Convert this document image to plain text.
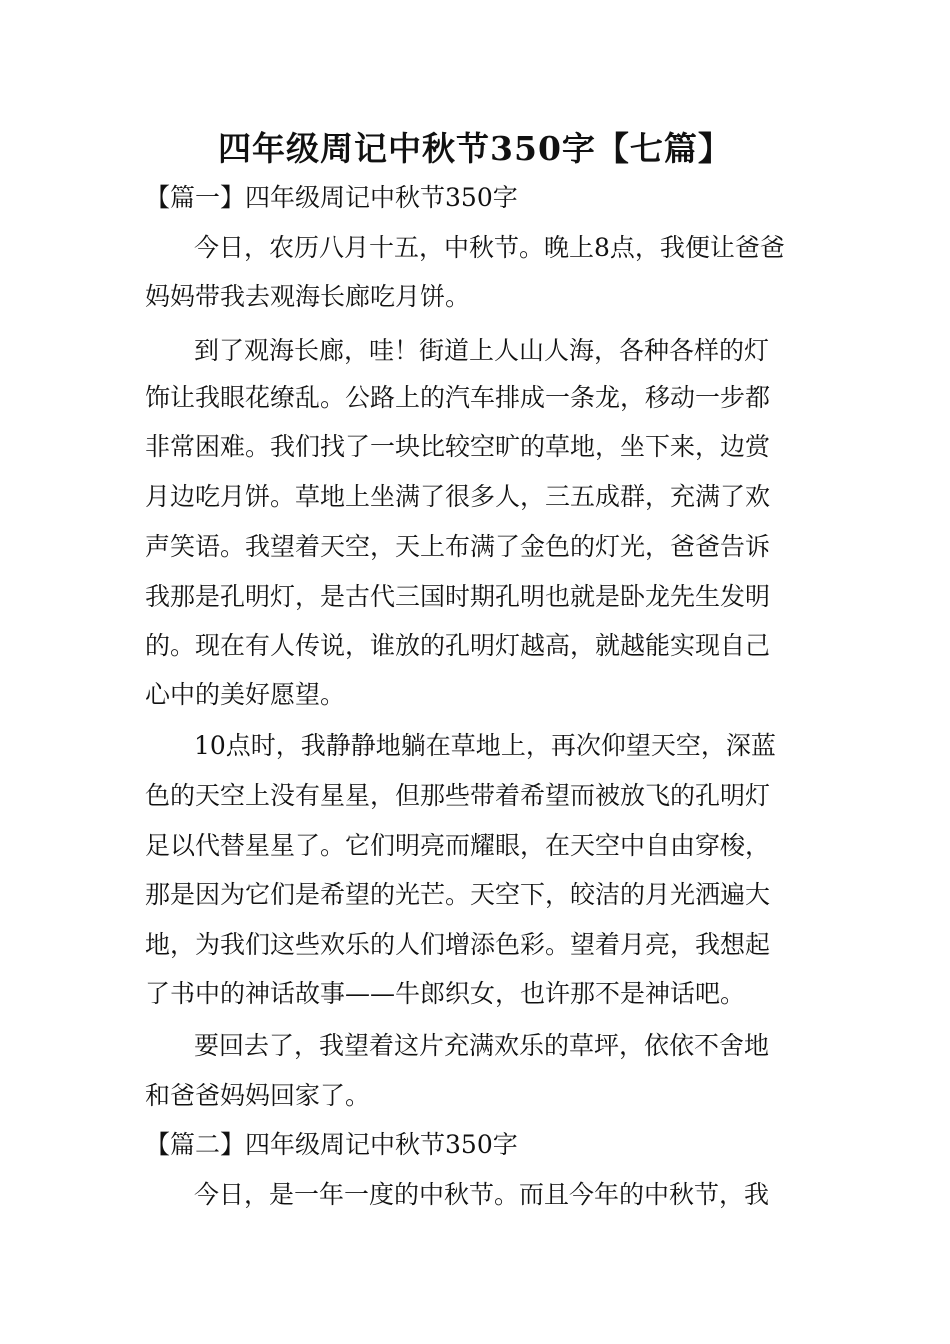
四年级周记中秋节350字【七篇】
【篇一】四年级周记中秋节350字
今日，农历八月十五，中秋节。晚上8点，我便让爸爸
妈妈带我去观海长廊吃月饼。
到了观海长廊，哇！街道上人山人海，各种各样的灯
饰让我眼花缭乱。公路上的汽车排成一条龙，移动一步都
非常困难。我们找了一块比较空旷的草地，坐下来，边赏
月边吃月饼。草地上坐满了很多人，三五成群，充满了欢
声笑语。我望着天空，天上布满了金色的灯光，爸爸告诉
我那是孔明灯，是古代三国时期孔明也就是卧龙先生发明
的。现在有人传说，谁放的孔明灯越高，就越能实现自己
心中的美好愿望。
10点时，我静静地躺在草地上，再次仰望天空，深蓝
色的天空上没有星星，但那些带着希望而被放飞的孔明灯
足以代替星星了。它们明亮而耀眼，在天空中自由穿梭，
那是因为它们是希望的光芒。天空下，皎洁的月光洒遍大
地，为我们这些欢乐的人们增添色彩。望着月亮，我想起
了书中的神话故事——牛郎织女，也许那不是神话吧。
要回去了，我望着这片充满欢乐的草坪，依依不舍地
和爸爸妈妈回家了。
【篇二】四年级周记中秋节350字
今日，是一年一度的中秋节。而且今年的中秋节，我
